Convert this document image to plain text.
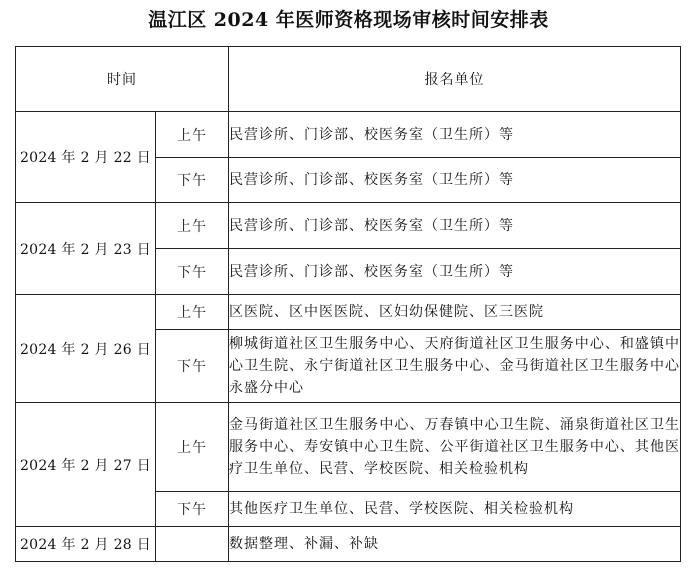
温江区 2024 年医师资格现场审核时间安排表
时间		报名单位
2024 年 2 月 22 日	上午	民营诊所、门诊部、校医务室（卫生所）等
	下午	民营诊所、门诊部、校医务室（卫生所）等
2024 年 2 月 23 日	上午	民营诊所、门诊部、校医务室（卫生所）等
	下午	民营诊所、门诊部、校医务室（卫生所）等
2024 年 2 月 26 日	上午	区医院、区中医医院、区妇幼保健院、区三医院
	下午	柳城街道社区卫生服务中心、天府街道社区卫生服务中心、和盛镇中心卫生院、永宁街道社区卫生服务中心、金马街道社区卫生服务中心永盛分中心
2024 年 2 月 27 日	上午	金马街道社区卫生服务中心、万春镇中心卫生院、涌泉街道社区卫生服务中心、寿安镇中心卫生院、公平街道社区卫生服务中心、其他医疗卫生单位、民营、学校医院、相关检验机构
	下午	其他医疗卫生单位、民营、学校医院、相关检验机构
2024 年 2 月 28 日		数据整理、补漏、补缺
